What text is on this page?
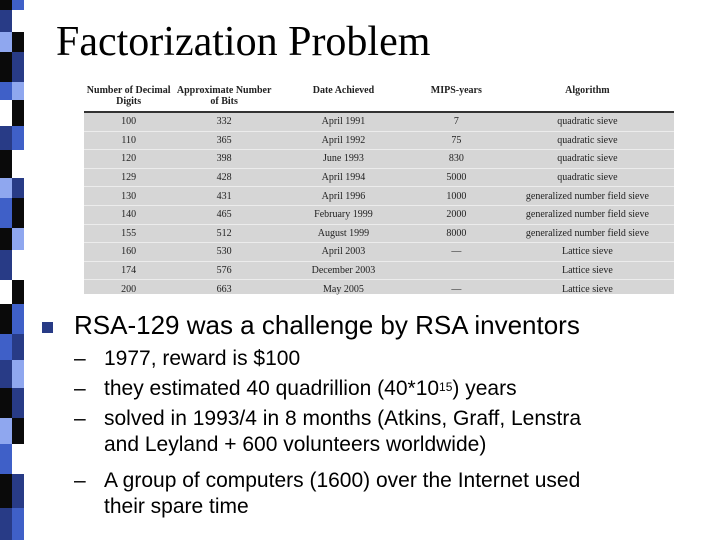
Factorization Problem
Number of Decimal Digits	Approximate Number of Bits	Date Achieved	MIPS-years	Algorithm
100	332	April 1991	7	quadratic sieve
110	365	April 1992	75	quadratic sieve
120	398	June 1993	830	quadratic sieve
129	428	April 1994	5000	quadratic sieve
130	431	April 1996	1000	generalized number field sieve
140	465	February 1999	2000	generalized number field sieve
155	512	August 1999	8000	generalized number field sieve
160	530	April 2003	—	Lattice sieve
174	576	December 2003		Lattice sieve
200	663	May 2005	—	Lattice sieve
RSA-129 was a challenge by RSA inventors
– 1977, reward is $100
– they estimated 40 quadrillion $(40*10^{15})$ years
– solved in 1993/4 in 8 months (Atkins, Graff, Lenstra
and Leyland + 600 volunteers worldwide)
– A group of computers (1600) over the Internet used
their spare time
